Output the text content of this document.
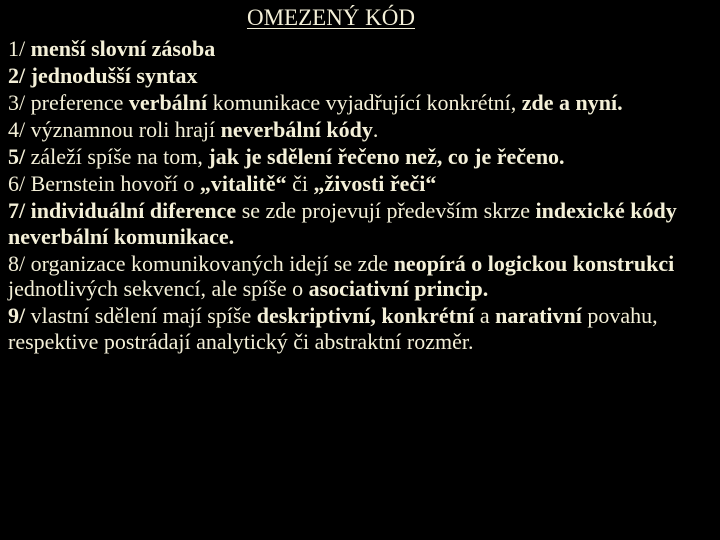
OMEZENÝ KÓD
1/ menší slovní zásoba
2/ jednodušší syntax
3/ preference verbální komunikace vyjadřující konkrétní, zde a nyní.
4/ významnou roli hrají neverbální kódy.
5/ záleží spíše na tom, jak je sdělení řečeno než, co je řečeno.
6/ Bernstein hovoří o „vitalitě“ či „živosti řeči“
7/ individuální diference se zde projevují především skrze indexické kódy neverbální komunikace.
8/ organizace komunikovaných idejí se zde neopírá o logickou konstrukci jednotlivých sekvencí, ale spíše o asociativní princip.
9/ vlastní sdělení mají spíše deskriptivní, konkrétní a narativní povahu, respektive postrádají analytický či abstraktní rozměr.
